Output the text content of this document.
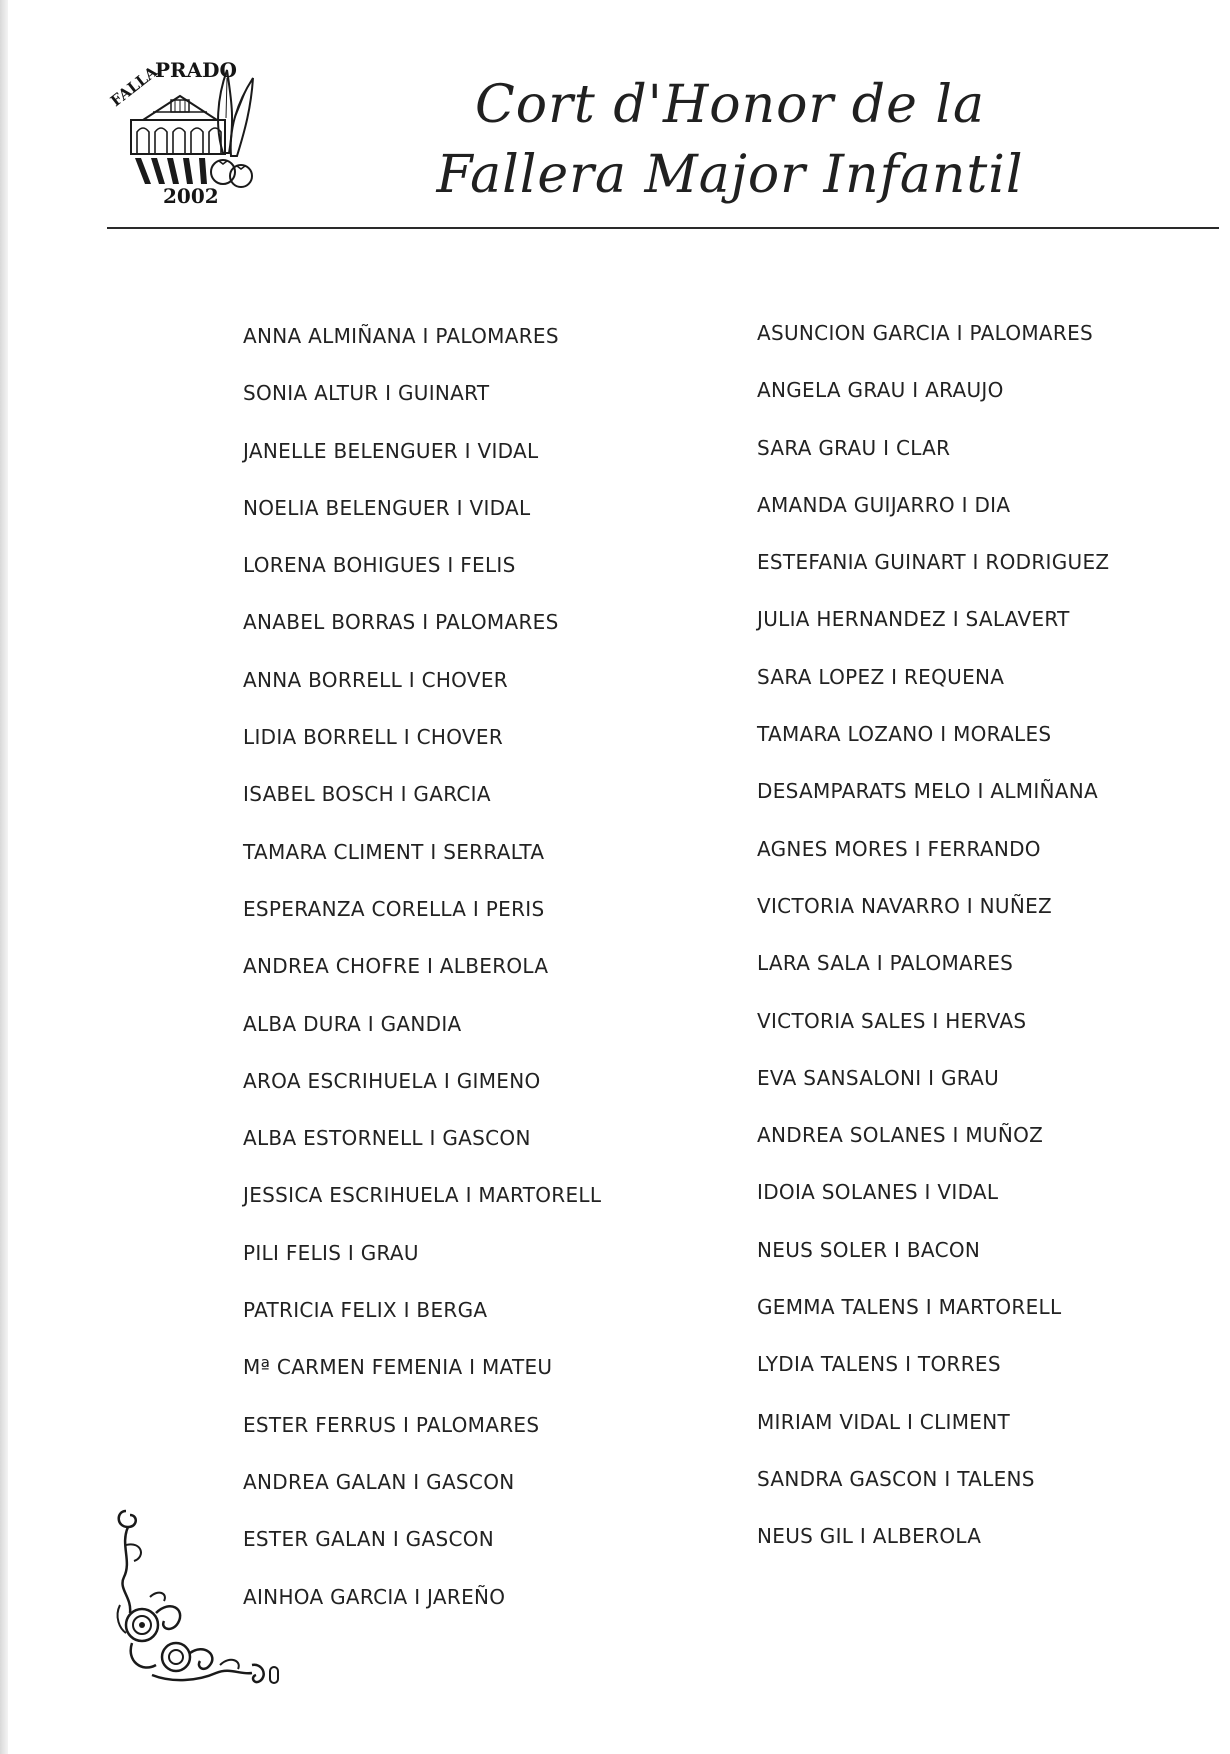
PRADO
FALLA
2002
Cort d'Honor de la
Fallera Major Infantil
ANNA ALMIÑANA I PALOMARES
SONIA ALTUR I GUINART
JANELLE BELENGUER I VIDAL
NOELIA BELENGUER I VIDAL
LORENA BOHIGUES I FELIS
ANABEL BORRAS I PALOMARES
ANNA BORRELL I CHOVER
LIDIA BORRELL I CHOVER
ISABEL BOSCH I GARCIA
TAMARA CLIMENT I SERRALTA
ESPERANZA CORELLA I PERIS
ANDREA CHOFRE I ALBEROLA
ALBA DURA I GANDIA
AROA ESCRIHUELA I GIMENO
ALBA ESTORNELL I GASCON
JESSICA ESCRIHUELA I MARTORELL
PILI FELIS I GRAU
PATRICIA FELIX I BERGA
Mª CARMEN FEMENIA I MATEU
ESTER FERRUS I PALOMARES
ANDREA GALAN I GASCON
ESTER GALAN I GASCON
AINHOA GARCIA I JAREÑO
ASUNCION GARCIA I PALOMARES
ANGELA GRAU I ARAUJO
SARA GRAU I CLAR
AMANDA GUIJARRO I DIA
ESTEFANIA GUINART I RODRIGUEZ
JULIA HERNANDEZ I SALAVERT
SARA LOPEZ I REQUENA
TAMARA LOZANO I MORALES
DESAMPARATS MELO I ALMIÑANA
AGNES MORES I FERRANDO
VICTORIA NAVARRO I NUÑEZ
LARA SALA I PALOMARES
VICTORIA SALES I HERVAS
EVA SANSALONI I GRAU
ANDREA SOLANES I MUÑOZ
IDOIA SOLANES I VIDAL
NEUS SOLER I BACON
GEMMA TALENS I MARTORELL
LYDIA TALENS I TORRES
MIRIAM VIDAL I CLIMENT
SANDRA GASCON I TALENS
NEUS GIL I ALBEROLA
